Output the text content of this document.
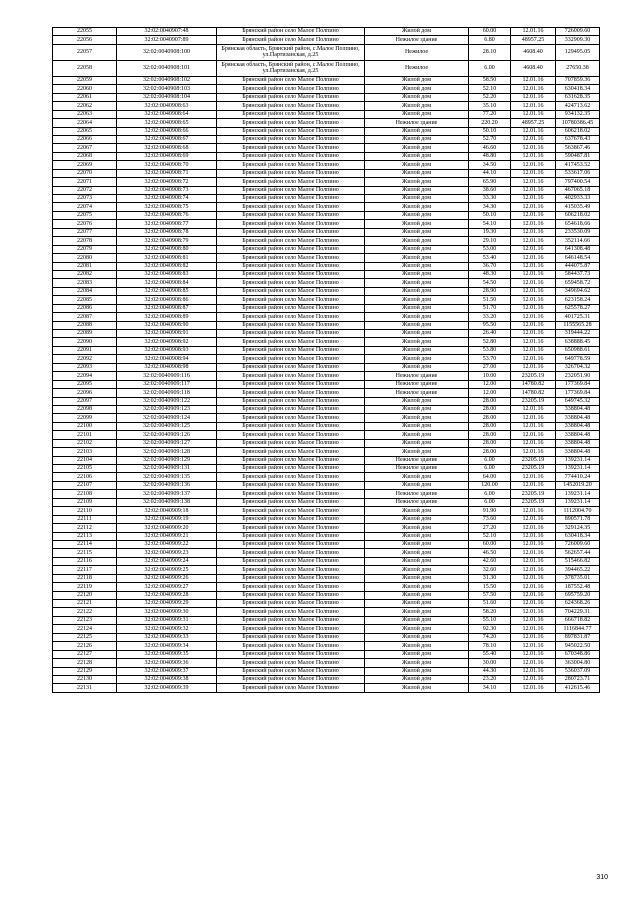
22055	32:02:0040907:48	Брянский район село Малое Полпино	Жилой дом	60.00	12.01.16	726009.60
22056	32:02:0040907:89	Брянский район село Малое Полпино	Нежилое здание	6.80	48957.25	332909.30
22057	32:02:0040908:100	Брянская область, Брянский район, с.Малое Полпино, ул.Партизанская, д.25	Нежилое	28.10	4608.40	129495.05
22058	32:02:0040908:101	Брянская область, Брянский район, с.Малое Полпино, ул.Партизанская, д.25	Нежилое	6.00	4608.40	27650.38
22059	32:02:0040908:102	Брянский район село Малое Полпино	Жилой дом	58.50	12.01.16	707859.36
22060	32:02:0040908:103	Брянский район село Малое Полпино	Жилой дом	52.10	12.01.16	630418.34
22061	32:02:0040908:104	Брянский район село Малое Полпино	Жилой дом	52.20	12.01.16	631628.35
22062	32:02:0040908:63	Брянский район село Малое Полпино	Жилой дом	35.10	12.01.16	424713.62
22063	32:02:0040908:64	Брянский район село Малое Полпино	Жилой дом	77.20	12.01.16	934132.35
22064	32:02:0040908:65	Брянский район село Малое Полпино	Нежилое здание	220.20	48957.25	10780386.45
22065	32:02:0040908:66	Брянский район село Малое Полпино	Жилой дом	50.10	12.01.16	606218.02
22066	32:02:0040908:67	Брянский район село Малое Полпино	Жилой дом	52.70	12.01.16	637678.43
22067	32:02:0040908:68	Брянский район село Малое Полпино	Жилой дом	46.60	12.01.16	563867.46
22068	32:02:0040908:69	Брянский район село Малое Полпино	Жилой дом	48.80	12.01.16	590487.81
22069	32:02:0040908:70	Брянский район село Малое Полпино	Жилой дом	34.50	12.01.16	417453.52
22070	32:02:0040908:71	Брянский район село Малое Полпино	Жилой дом	44.10	12.01.16	533617.06
22071	32:02:0040908:72	Брянский район село Малое Полпино	Жилой дом	65.90	12.01.16	797400.54
22072	32:02:0040908:73	Брянский район село Малое Полпино	Жилой дом	38.60	12.01.16	467065.18
22073	32:02:0040908:74	Брянский район село Малое Полпино	Жилой дом	33.30	12.01.16	402933.33
22074	32:02:0040908:75	Брянский район село Малое Полпино	Жилой дом	34.30	12.01.16	415035.49
22075	32:02:0040908:76	Брянский район село Малое Полпино	Жилой дом	50.10	12.01.16	606218.02
22076	32:02:0040908:77	Брянский район село Малое Полпино	Жилой дом	54.10	12.01.16	654618.66
22077	32:02:0040908:78	Брянский район село Малое Полпино	Жилой дом	19.30	12.01.16	233530.09
22078	32:02:0040908:79	Брянский район село Малое Полпино	Жилой дом	29.10	12.01.16	352114.66
22079	32:02:0040908:80	Брянский район село Малое Полпино	Жилой дом	53.00	12.01.16	641308.48
22080	32:02:0040908:81	Брянский район село Малое Полпино	Жилой дом	53.40	12.01.16	646148.54
22081	32:02:0040908:82	Брянский район село Малое Полпино	Жилой дом	36.70	12.01.16	444075.87
22082	32:02:0040908:83	Брянский район село Малое Полпино	Жилой дом	48.30	12.01.16	584437.73
22083	32:02:0040908:84	Брянский район село Малое Полпино	Жилой дом	54.50	12.01.16	659458.72
22084	32:02:0040908:85	Брянский район село Малое Полпино	Жилой дом	28.90	12.01.16	349694.62
22085	32:02:0040908:86	Брянский район село Малое Полпино	Жилой дом	51.50	12.01.16	623158.24
22086	32:02:0040908:87	Брянский район село Малое Полпино	Жилой дом	51.70	12.01.16	625578.27
22087	32:02:0040908:89	Брянский район село Малое Полпино	Жилой дом	33.20	12.01.16	401725.31
22088	32:02:0040908:90	Брянский район село Малое Полпино	Жилой дом	95.50	12.01.16	1155565.28
22089	32:02:0040908:91	Брянский район село Малое Полпино	Жилой дом	26.40	12.01.16	319444.22
22090	32:02:0040908:92	Брянский район село Малое Полпино	Жилой дом	52.80	12.01.16	638888.45
22091	32:02:0040908:93	Брянский район село Малое Полпино	Жилой дом	53.80	12.01.16	650988.61
22092	32:02:0040908:94	Брянский район село Малое Полпино	Жилой дом	53.70	12.01.16	649778.59
22093	32:02:0040908:98	Брянский район село Малое Полпино	Жилой дом	27.00	12.01.16	326704.32
22094	32:02:0040909:116	Брянский район село Малое Полпино	Нежилое здание	10.00	23205.19	232051.90
22095	32:02:0040909:117	Брянский район село Малое Полпино	Нежилое здание	12.00	14780.82	177369.84
22096	32:02:0040909:118	Брянский район село Малое Полпино	Нежилое здание	12.00	14780.82	177369.84
22097	32:02:0040909:122	Брянский район село Малое Полпино	Жилой дом	28.00	23205.19	649745.32
22098	32:02:0040909:123	Брянский район село Малое Полпино	Жилой дом	28.00	12.01.16	338804.48
22099	32:02:0040909:124	Брянский район село Малое Полпино	Жилой дом	28.00	12.01.16	338804.48
22100	32:02:0040909:125	Брянский район село Малое Полпино	Жилой дом	28.00	12.01.16	338804.48
22101	32:02:0040909:126	Брянский район село Малое Полпино	Жилой дом	28.00	12.01.16	338804.48
22102	32:02:0040909:127	Брянский район село Малое Полпино	Жилой дом	28.00	12.01.16	338804.48
22103	32:02:0040909:128	Брянский район село Малое Полпино	Жилой дом	28.00	12.01.16	338804.48
22104	32:02:0040909:129	Брянский район село Малое Полпино	Нежилое здание	6.00	23205.19	139231.14
22105	32:02:0040909:131	Брянский район село Малое Полпино	Нежилое здание	6.00	23205.19	139231.14
22106	32:02:0040909:135	Брянский район село Малое Полпино	Жилой дом	64.00	12.01.16	774410.24
22107	32:02:0040909:136	Брянский район село Малое Полпино	Жилой дом	120.00	12.01.16	1452019.20
22108	32:02:0040909:137	Брянский район село Малое Полпино	Нежилое здание	6.00	23205.19	139231.14
22109	32:02:0040909:138	Брянский район село Малое Полпино	Нежилое здание	6.00	23205.19	139231.14
22110	32:02:0040909:18	Брянский район село Малое Полпино	Жилой дом	91.90	12.01.16	1112004.70
22111	32:02:0040909:19	Брянский район село Малое Полпино	Жилой дом	73.60	12.01.16	890571.78
22112	32:02:0040909:20	Брянский район село Малое Полпино	Жилой дом	27.20	12.01.16	329124.35
22113	32:02:0040909:21	Брянский район село Малое Полпино	Жилой дом	52.10	12.01.16	630418.34
22114	32:02:0040909:22	Брянский район село Малое Полпино	Жилой дом	60.00	12.01.16	726009.60
22115	32:02:0040909:23	Брянский район село Малое Полпино	Жилой дом	46.50	12.01.16	562657.44
22116	32:02:0040909:24	Брянский район село Малое Полпино	Жилой дом	42.60	12.01.16	515466.82
22117	32:02:0040909:25	Брянский район село Малое Полпино	Жилой дом	32.60	12.01.16	394465.22
22118	32:02:0040909:26	Брянский район село Малое Полпино	Жилой дом	31.30	12.01.16	378735.01
22119	32:02:0040909:27	Брянский район село Малое Полпино	Жилой дом	15.50	12.01.16	187552.48
22120	32:02:0040909:28	Брянский район село Малое Полпино	Жилой дом	57.50	12.01.16	695759.20
22121	32:02:0040909:29	Брянский район село Малое Полпино	Жилой дом	51.60	12.01.16	624368.26
22122	32:02:0040909:30	Брянский район село Малое Полпино	Жилой дом	58.20	12.01.16	704229.31
22123	32:02:0040909:31	Брянский район село Малое Полпино	Жилой дом	55.10	12.01.16	666718.82
22124	32:02:0040909:32	Брянский район село Малое Полпино	Жилой дом	92.30	12.01.16	1116844.77
22125	32:02:0040909:33	Брянский район село Малое Полпино	Жилой дом	74.20	12.01.16	897831.87
22126	32:02:0040909:34	Брянский район село Малое Полпино	Жилой дом	78.10	12.01.16	945022.50
22127	32:02:0040909:35	Брянский район село Малое Полпино	Жилой дом	55.40	12.01.16	670348.86
22128	32:02:0040909:36	Брянский район село Малое Полпино	Жилой дом	30.00	12.01.16	363004.80
22129	32:02:0040909:37	Брянский район село Малое Полпино	Жилой дом	44.30	12.01.16	536037.09
22130	32:02:0040909:38	Брянский район село Малое Полпино	Жилой дом	23.20	12.01.16	280723.71
22131	32:02:0040909:39	Брянский район село Малое Полпино	Жилой дом	34.10	12.01.16	412615.46
310
